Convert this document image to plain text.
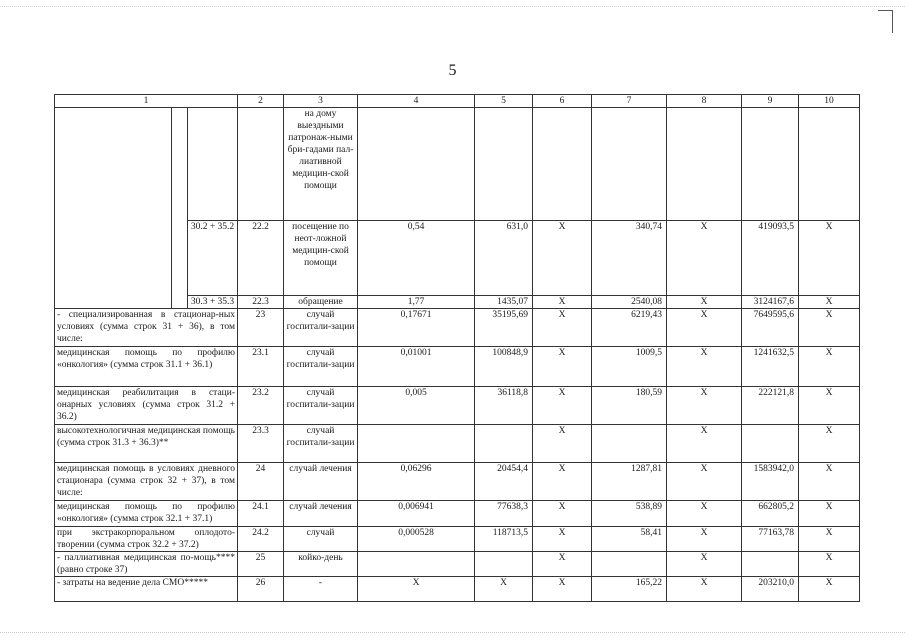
5
1			2	3	4	5	6	7	8	9	10
				на дому выездными патронаж-ными бри-гадами пал-лиативной медицин-ской помощи							
		30.2 + 35.2	22.2	посещение по неот-ложной медицин-ской помощи	0,54	631,0	X	340,74	X	419093,5	X
		30.3 + 35.3	22.3	обращение	1,77	1435,07	X	2540,08	X	3124167,6	X
- специализированная в стационар-ных условиях (сумма строк 31 + 36), в том числе:			23	случай госпитали-зации	0,17671	35195,69	X	6219,43	X	7649595,6	X
медицинская помощь по профилю «онкология» (сумма строк 31.1 + 36.1)			23.1	случай госпитали-зации	0,01001	100848,9	X	1009,5	X	1241632,5	X
медицинская реабилитация в стаци-онарных условиях (сумма строк 31.2 + 36.2)			23.2	случай госпитали-зации	0,005	36118,8	X	180,59	X	222121,8	X
высокотехнологичная медицинская помощь (сумма строк 31.3 + 36.3)**			23.3	случай госпитали-зации			X		X		X
медицинская помощь в условиях дневного стационара (сумма строк 32 + 37), в том числе:			24	случай лечения	0,06296	20454,4	X	1287,81	X	1583942,0	X
медицинская помощь по профилю «онкология» (сумма строк 32.1 + 37.1)			24.1	случай лечения	0,006941	77638,3	X	538,89	X	662805,2	X
при экстракорпоральном оплодото-творении (сумма строк 32.2 + 37.2)			24.2	случай	0,000528	118713,5	X	58,41	X	77163,78	X
- паллиативная медицинская по-мощь**** (равно строке 37)			25	койко-день			X		X		X
- затраты на ведение дела СМО*****			26	-	X	X	X	165,22	X	203210,0	X
